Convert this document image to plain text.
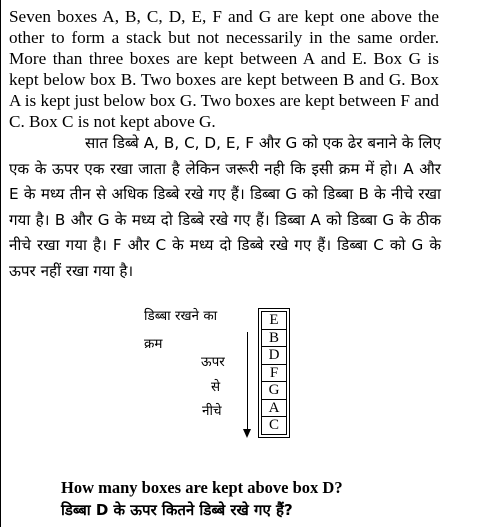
Seven boxes A, B, C, D, E, F and G are kept one above the other to form a stack but not necessarily in the same order. More than three boxes are kept between A and E. Box G is kept below box B. Two boxes are kept between B and G. Box A is kept just below box G. Two boxes are kept between F and C. Box C is not kept above G.
सात डिब्बे A, B, C, D, E, F और G को एक ढेर बनाने के लिए एक के ऊपर एक रखा जाता है लेकिन जरूरी नही कि इसी क्रम में हो। A और E के मध्य तीन से अधिक डिब्बे रखे गए हैं। डिब्बा G को डिब्बा B के नीचे रखा गया है। B और G के मध्य दो डिब्बे रखे गए हैं। डिब्बा A को डिब्बा G के ठीक नीचे रखा गया है। F और C के मध्य दो डिब्बे रखे गए हैं। डिब्बा C को G के ऊपर नहीं रखा गया है।
डिब्बा रखने का
क्रम
ऊपर
से
नीचे
E
B
D
F
G
A
C
How many boxes are kept above box D?
डिब्बा D के ऊपर कितने डिब्बे रखे गए हैं?
